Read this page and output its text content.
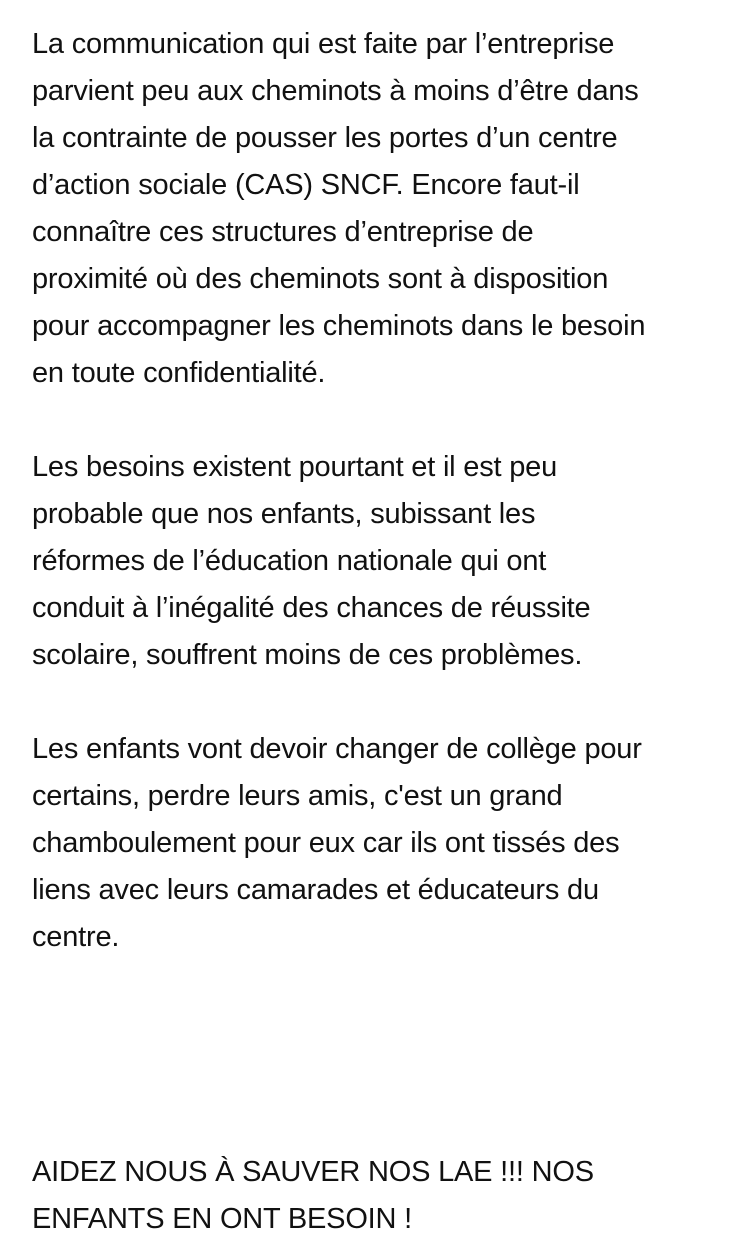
La communication qui est faite par l’entreprise
parvient peu aux cheminots à moins d’être dans
la contrainte de pousser les portes d’un centre
d’action sociale (CAS) SNCF. Encore faut-il
connaître ces structures d’entreprise de
proximité où des cheminots sont à disposition
pour accompagner les cheminots dans le besoin
en toute confidentialité.
Les besoins existent pourtant et il est peu
probable que nos enfants, subissant les
réformes de l’éducation nationale qui ont
conduit à l’inégalité des chances de réussite
scolaire, souffrent moins de ces problèmes.
Les enfants vont devoir changer de collège pour
certains, perdre leurs amis, c'est un grand
chamboulement pour eux car ils ont tissés des
liens avec leurs camarades et éducateurs du
centre.
AIDEZ NOUS À SAUVER NOS LAE !!! NOS
ENFANTS EN ONT BESOIN !
